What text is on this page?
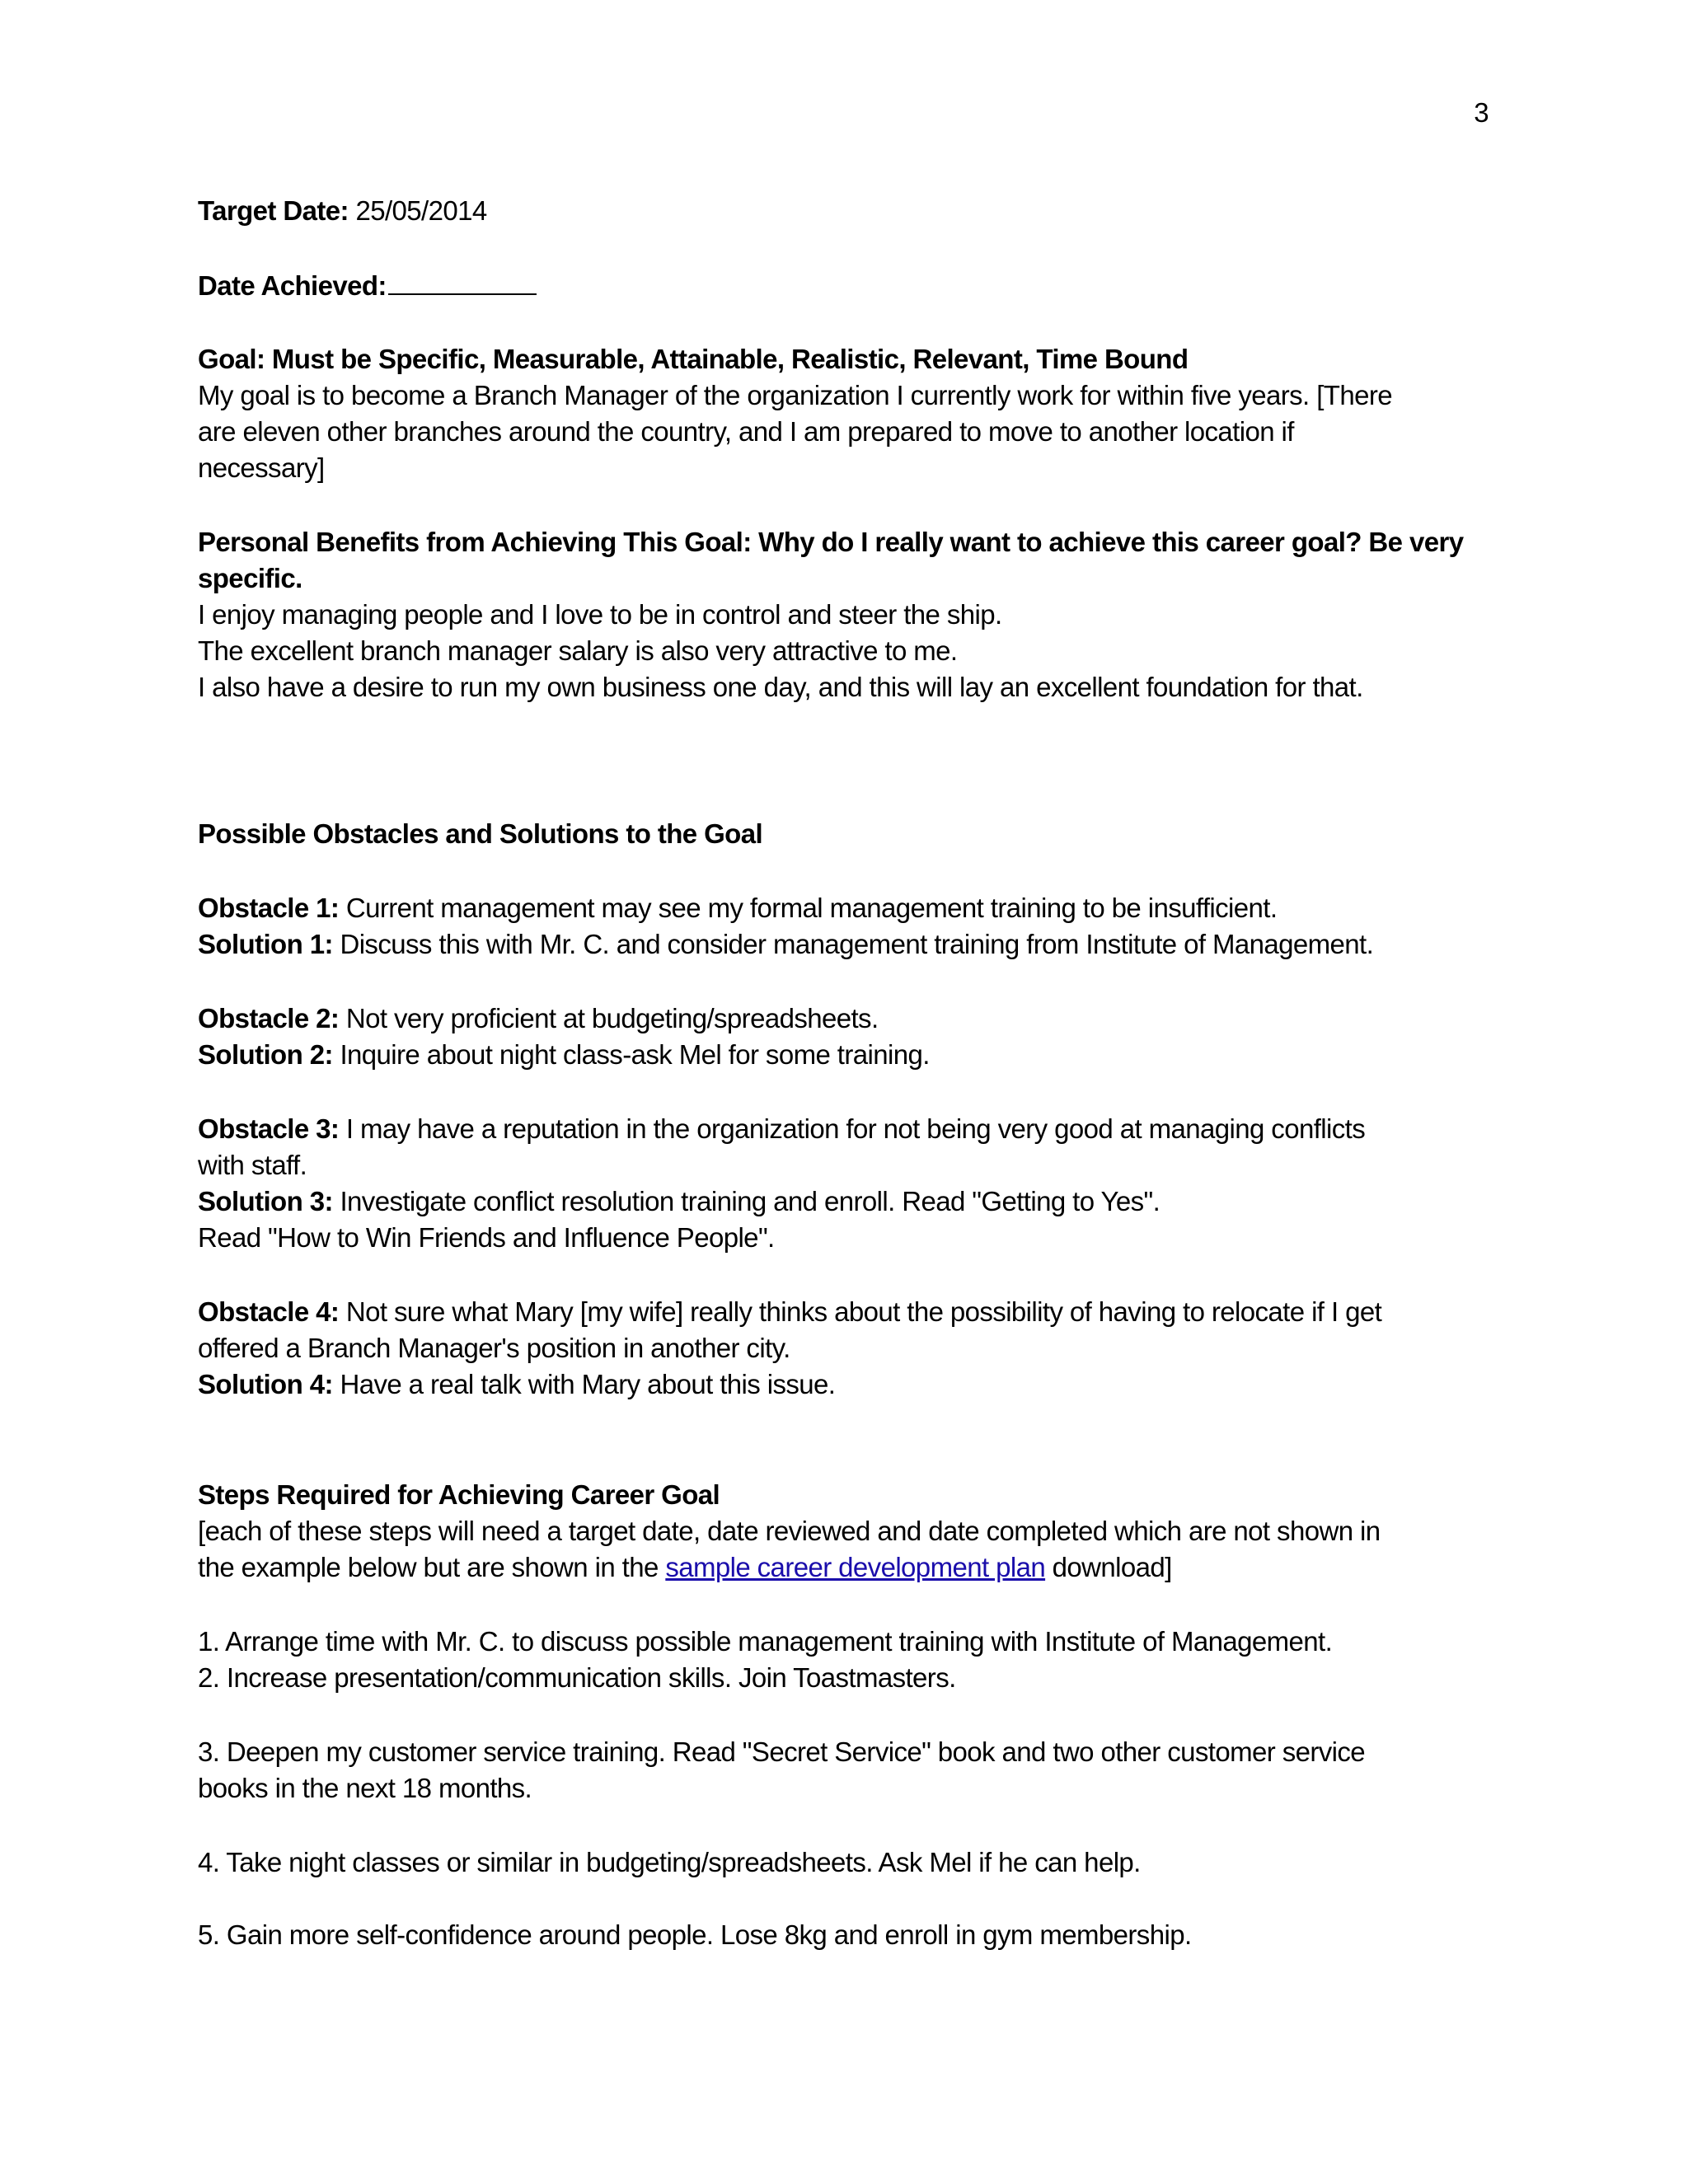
3
Target Date: 25/05/2014
Date Achieved:
Goal: Must be Specific, Measurable, Attainable, Realistic, Relevant, Time Bound
My goal is to become a Branch Manager of the organization I currently work for within five years. [There
are eleven other branches around the country, and I am prepared to move to another location if
necessary]
Personal Benefits from Achieving This Goal: Why do I really want to achieve this career goal? Be very
specific.
I enjoy managing people and I love to be in control and steer the ship.
The excellent branch manager salary is also very attractive to me.
I also have a desire to run my own business one day, and this will lay an excellent foundation for that.
Possible Obstacles and Solutions to the Goal
Obstacle 1: Current management may see my formal management training to be insufficient.
Solution 1: Discuss this with Mr. C. and consider management training from Institute of Management.
Obstacle 2: Not very proficient at budgeting/spreadsheets.
Solution 2: Inquire about night class-ask Mel for some training.
Obstacle 3: I may have a reputation in the organization for not being very good at managing conflicts
with staff.
Solution 3: Investigate conflict resolution training and enroll. Read "Getting to Yes".
Read "How to Win Friends and Influence People".
Obstacle 4: Not sure what Mary [my wife] really thinks about the possibility of having to relocate if I get
offered a Branch Manager's position in another city.
Solution 4: Have a real talk with Mary about this issue.
Steps Required for Achieving Career Goal
[each of these steps will need a target date, date reviewed and date completed which are not shown in
the example below but are shown in the sample career development plan download]
1. Arrange time with Mr. C. to discuss possible management training with Institute of Management.
2. Increase presentation/communication skills. Join Toastmasters.
3. Deepen my customer service training. Read "Secret Service" book and two other customer service
books in the next 18 months.
4. Take night classes or similar in budgeting/spreadsheets. Ask Mel if he can help.
5. Gain more self-confidence around people. Lose 8kg and enroll in gym membership.
